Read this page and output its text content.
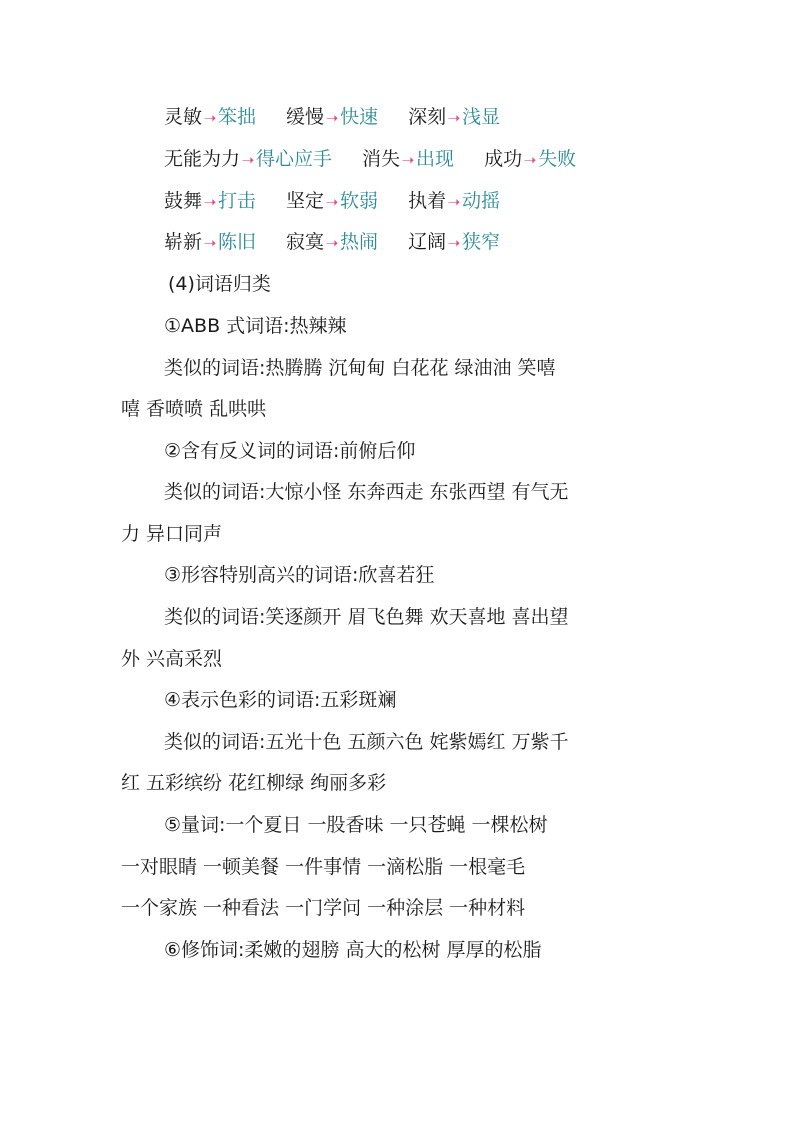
灵敏 ➝笨拙 缓慢 ➝快速 深刻 ➝浅显
无能为力 ➝得心应手 消失 ➝出现 成功 ➝失败
鼓舞 ➝打击 坚定 ➝软弱 执着 ➝动摇
崭新 ➝陈旧 寂寞 ➝热闹 辽阔 ➝狭窄
(4)词语归类
①ABB 式词语:热辣辣
类似的词语:热腾腾 沉甸甸 白花花 绿油油 笑嘻
嘻 香喷喷 乱哄哄
②含有反义词的词语:前俯后仰
类似的词语:大惊小怪 东奔西走 东张西望 有气无
力 异口同声
③形容特别高兴的词语:欣喜若狂
类似的词语:笑逐颜开 眉飞色舞 欢天喜地 喜出望
外 兴高采烈
④表示色彩的词语:五彩斑斓
类似的词语:五光十色 五颜六色 姹紫嫣红 万紫千
红 五彩缤纷 花红柳绿 绚丽多彩
⑤量词:一个夏日 一股香味 一只苍蝇 一棵松树
一对眼睛 一顿美餐 一件事情 一滴松脂 一根毫毛
一个家族 一种看法 一门学问 一种涂层 一种材料
⑥修饰词:柔嫩的翅膀 高大的松树 厚厚的松脂
